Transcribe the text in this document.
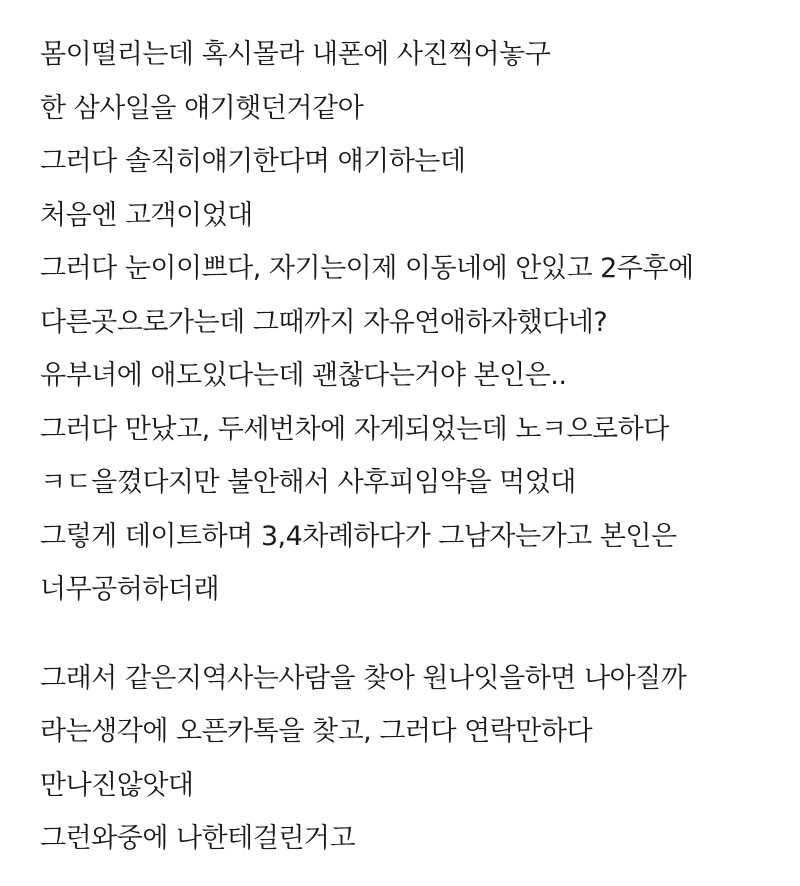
몸이떨리는데 혹시몰라 내폰에 사진찍어놓구
한 삼사일을 얘기햇던거같아
그러다 솔직히얘기한다며 얘기하는데
처음엔 고객이었대
그러다 눈이이쁘다, 자기는이제 이동네에 안있고 2주후에
다른곳으로가는데 그때까지 자유연애하자했다네?
유부녀에 애도있다는데 괜찮다는거야 본인은..
그러다 만났고, 두세번차에 자게되었는데 노ㅋ으로하다
ㅋㄷ을꼈다지만 불안해서 사후피임약을 먹었대
그렇게 데이트하며 3,4차례하다가 그남자는가고 본인은
너무공허하더래
그래서 같은지역사는사람을 찾아 원나잇을하면 나아질까
라는생각에 오픈카톡을 찾고, 그러다 연락만하다
만나진않앗대
그런와중에 나한테걸린거고
